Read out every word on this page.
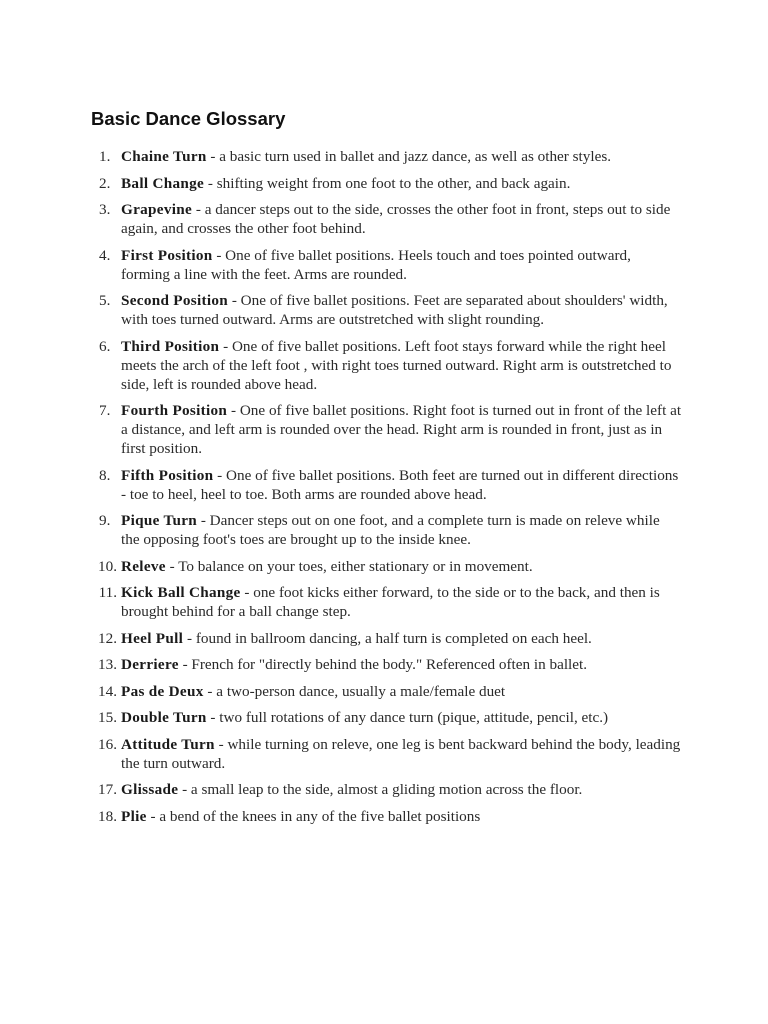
Basic Dance Glossary
1. Chaine Turn - a basic turn used in ballet and jazz dance, as well as other styles.
2. Ball Change - shifting weight from one foot to the other, and back again.
3. Grapevine - a dancer steps out to the side, crosses the other foot in front, steps out to side again, and crosses the other foot behind.
4. First Position - One of five ballet positions. Heels touch and toes pointed outward, forming a line with the feet. Arms are rounded.
5. Second Position - One of five ballet positions. Feet are separated about shoulders' width, with toes turned outward. Arms are outstretched with slight rounding.
6. Third Position - One of five ballet positions. Left foot stays forward while the right heel meets the arch of the left foot , with right toes turned outward. Right arm is outstretched to side, left is rounded above head.
7. Fourth Position - One of five ballet positions. Right foot is turned out in front of the left at a distance, and left arm is rounded over the head. Right arm is rounded in front, just as in first position.
8. Fifth Position - One of five ballet positions. Both feet are turned out in different directions - toe to heel, heel to toe. Both arms are rounded above head.
9. Pique Turn - Dancer steps out on one foot, and a complete turn is made on releve while the opposing foot's toes are brought up to the inside knee.
10. Releve - To balance on your toes, either stationary or in movement.
11. Kick Ball Change - one foot kicks either forward, to the side or to the back, and then is brought behind for a ball change step.
12. Heel Pull - found in ballroom dancing, a half turn is completed on each heel.
13. Derriere - French for "directly behind the body." Referenced often in ballet.
14. Pas de Deux - a two-person dance, usually a male/female duet
15. Double Turn - two full rotations of any dance turn (pique, attitude, pencil, etc.)
16. Attitude Turn - while turning on releve, one leg is bent backward behind the body, leading the turn outward.
17. Glissade - a small leap to the side, almost a gliding motion across the floor.
18. Plie - a bend of the knees in any of the five ballet positions
